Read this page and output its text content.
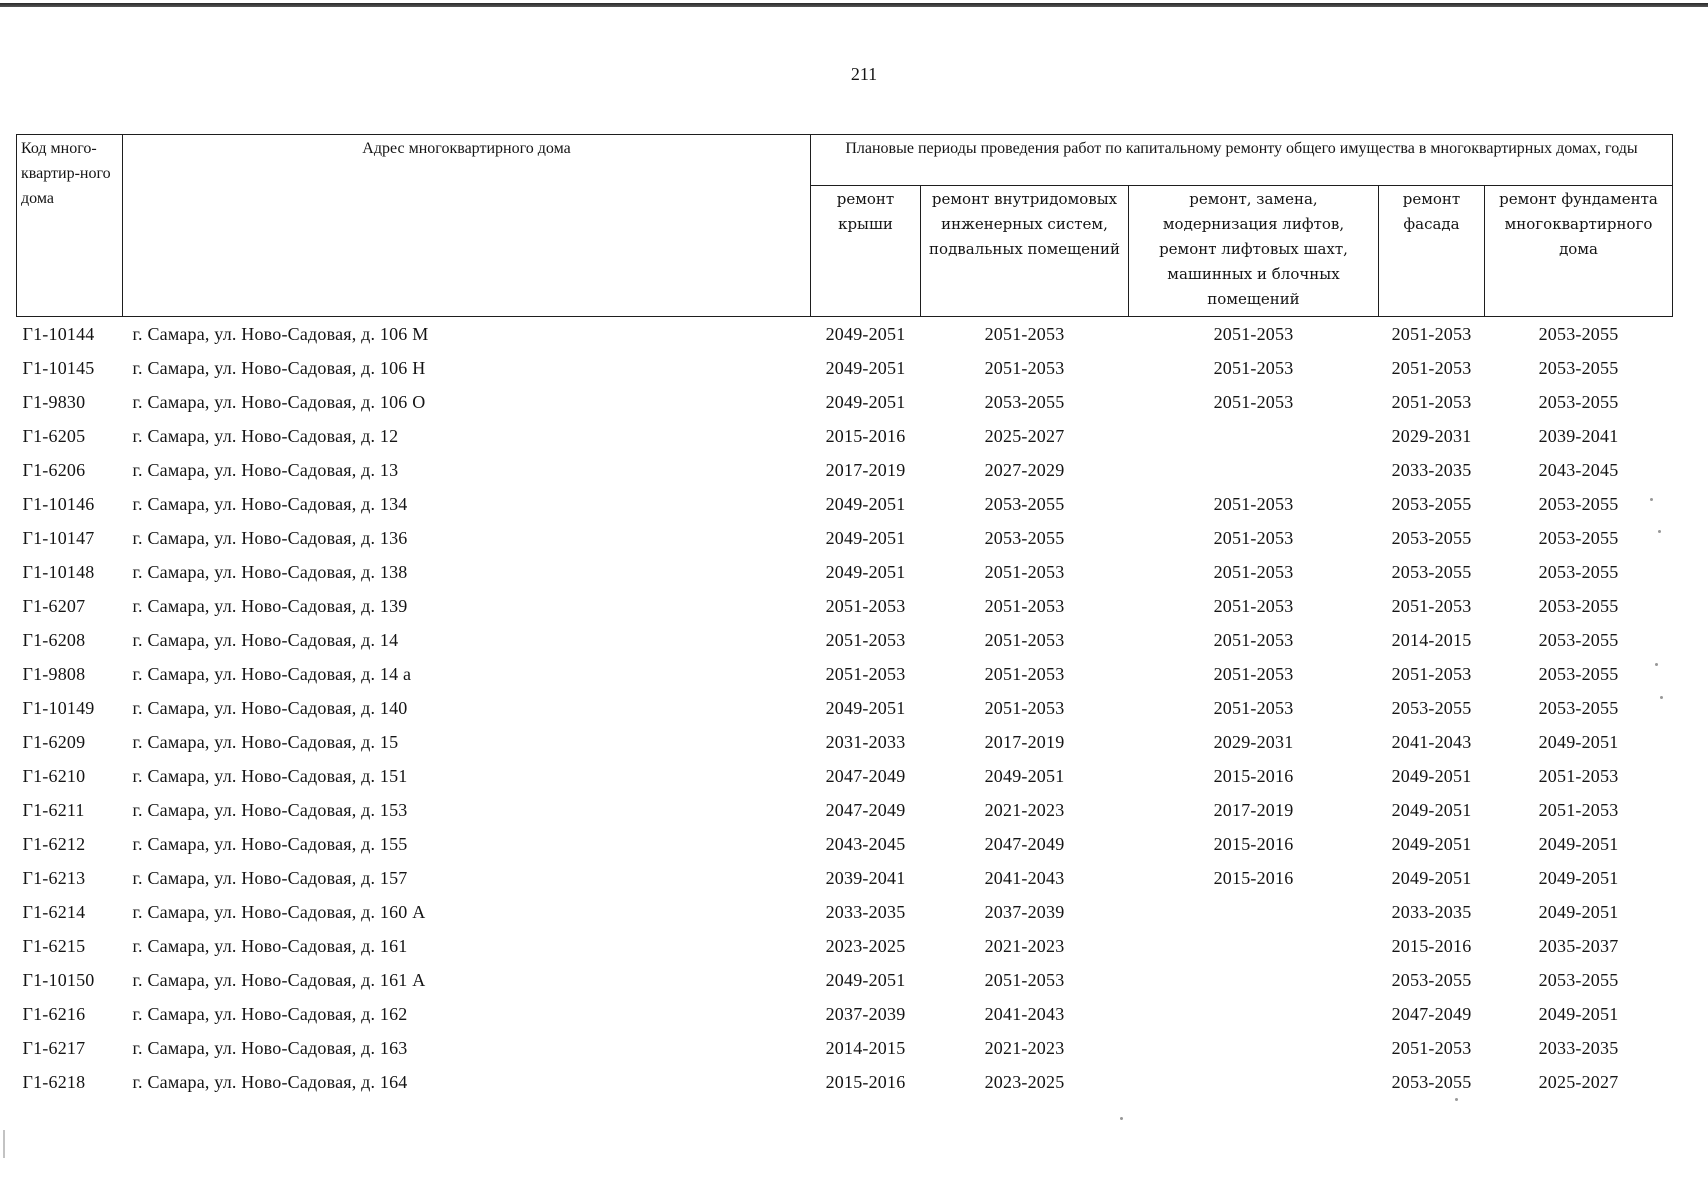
211
Код много-квартир-ного дома	Адрес многоквартирного дома	Плановые периоды проведения работ по капитальному ремонту общего имущества в многоквартирных домах, годы				
		ремонт крыши	ремонт внутридомовых инженерных систем, подвальных помещений	ремонт, замена, модернизация лифтов, ремонт лифтовых шахт, машинных и блочных помещений	ремонт фасада	ремонт фундамента многоквартирного дома
Г1-10144	г. Самара, ул. Ново-Садовая, д. 106 М	2049-2051	2051-2053	2051-2053	2051-2053	2053-2055
Г1-10145	г. Самара, ул. Ново-Садовая, д. 106 Н	2049-2051	2051-2053	2051-2053	2051-2053	2053-2055
Г1-9830	г. Самара, ул. Ново-Садовая, д. 106 О	2049-2051	2053-2055	2051-2053	2051-2053	2053-2055
Г1-6205	г. Самара, ул. Ново-Садовая, д. 12	2015-2016	2025-2027		2029-2031	2039-2041
Г1-6206	г. Самара, ул. Ново-Садовая, д. 13	2017-2019	2027-2029		2033-2035	2043-2045
Г1-10146	г. Самара, ул. Ново-Садовая, д. 134	2049-2051	2053-2055	2051-2053	2053-2055	2053-2055
Г1-10147	г. Самара, ул. Ново-Садовая, д. 136	2049-2051	2053-2055	2051-2053	2053-2055	2053-2055
Г1-10148	г. Самара, ул. Ново-Садовая, д. 138	2049-2051	2051-2053	2051-2053	2053-2055	2053-2055
Г1-6207	г. Самара, ул. Ново-Садовая, д. 139	2051-2053	2051-2053	2051-2053	2051-2053	2053-2055
Г1-6208	г. Самара, ул. Ново-Садовая, д. 14	2051-2053	2051-2053	2051-2053	2014-2015	2053-2055
Г1-9808	г. Самара, ул. Ново-Садовая, д. 14 а	2051-2053	2051-2053	2051-2053	2051-2053	2053-2055
Г1-10149	г. Самара, ул. Ново-Садовая, д. 140	2049-2051	2051-2053	2051-2053	2053-2055	2053-2055
Г1-6209	г. Самара, ул. Ново-Садовая, д. 15	2031-2033	2017-2019	2029-2031	2041-2043	2049-2051
Г1-6210	г. Самара, ул. Ново-Садовая, д. 151	2047-2049	2049-2051	2015-2016	2049-2051	2051-2053
Г1-6211	г. Самара, ул. Ново-Садовая, д. 153	2047-2049	2021-2023	2017-2019	2049-2051	2051-2053
Г1-6212	г. Самара, ул. Ново-Садовая, д. 155	2043-2045	2047-2049	2015-2016	2049-2051	2049-2051
Г1-6213	г. Самара, ул. Ново-Садовая, д. 157	2039-2041	2041-2043	2015-2016	2049-2051	2049-2051
Г1-6214	г. Самара, ул. Ново-Садовая, д. 160 А	2033-2035	2037-2039		2033-2035	2049-2051
Г1-6215	г. Самара, ул. Ново-Садовая, д. 161	2023-2025	2021-2023		2015-2016	2035-2037
Г1-10150	г. Самара, ул. Ново-Садовая, д. 161 А	2049-2051	2051-2053		2053-2055	2053-2055
Г1-6216	г. Самара, ул. Ново-Садовая, д. 162	2037-2039	2041-2043		2047-2049	2049-2051
Г1-6217	г. Самара, ул. Ново-Садовая, д. 163	2014-2015	2021-2023		2051-2053	2033-2035
Г1-6218	г. Самара, ул. Ново-Садовая, д. 164	2015-2016	2023-2025		2053-2055	2025-2027
